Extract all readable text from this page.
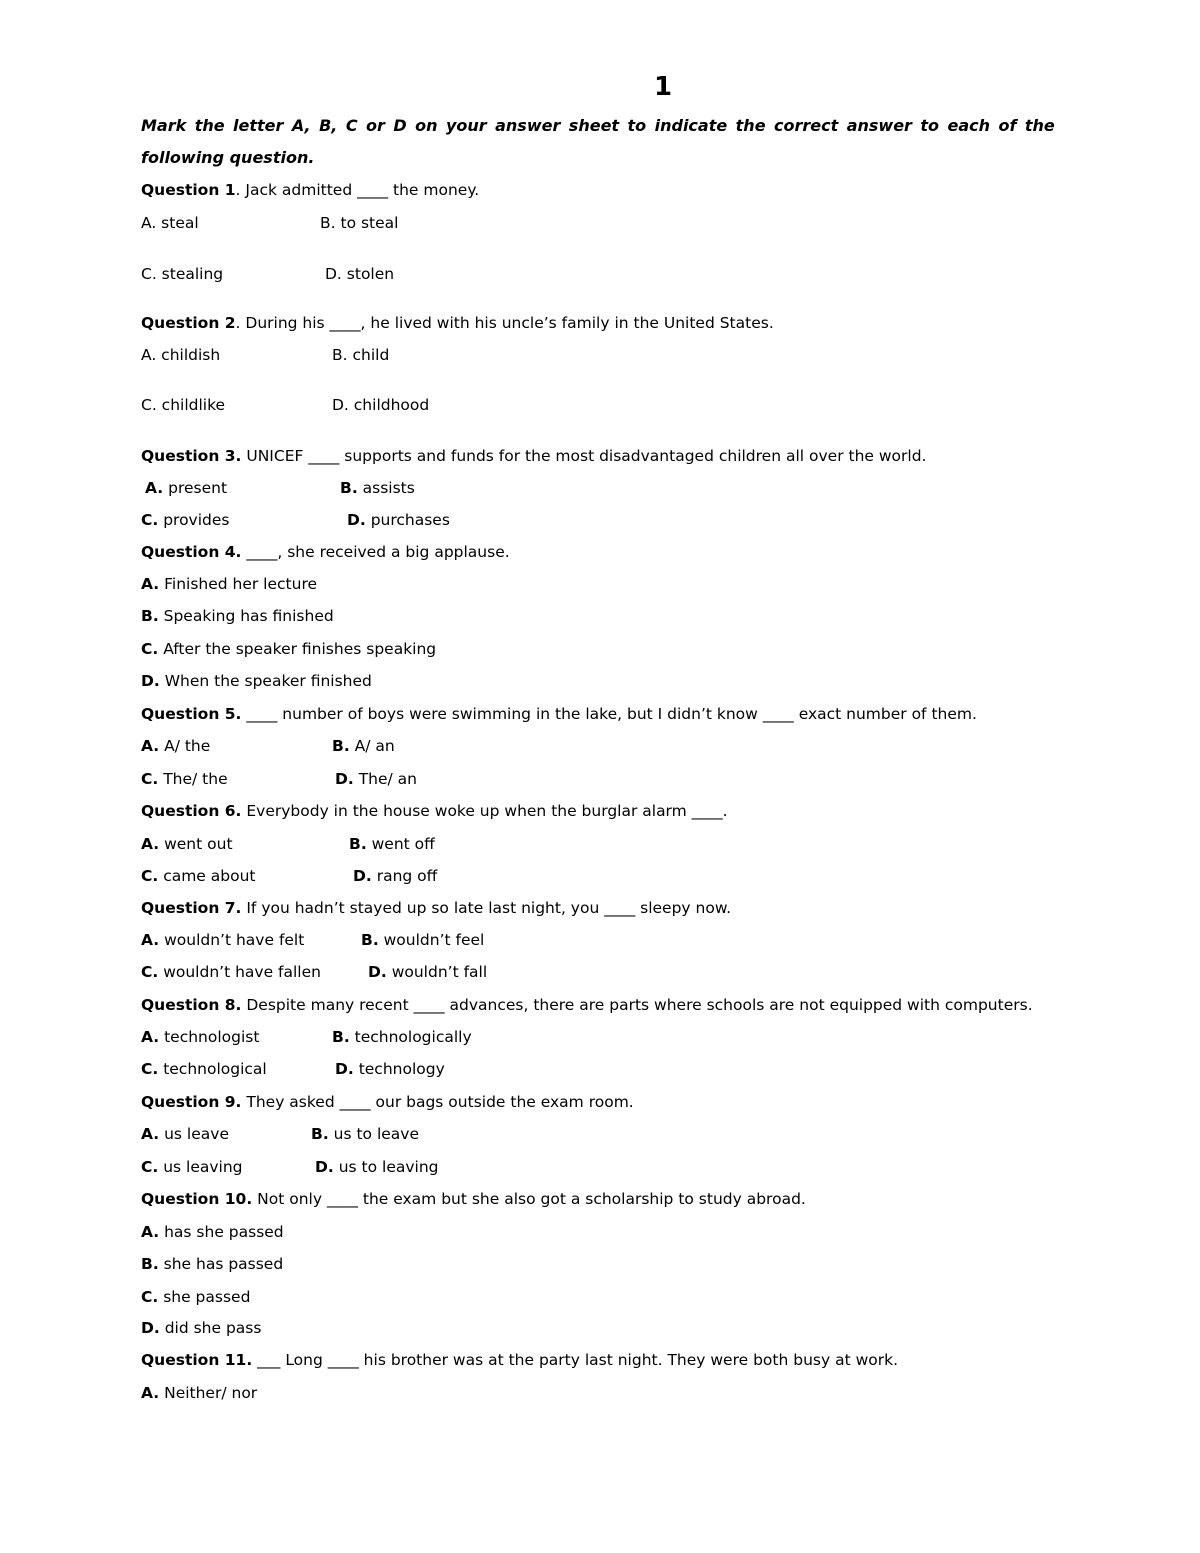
1
Mark the letter A, B, C or D on your answer sheet to indicate the correct answer to each of the
following question.
Question 1. Jack admitted ____ the money.
A. steal	B. to steal
C. stealing	D. stolen
Question 2. During his ____, he lived with his uncle’s family in the United States.
A. childish	B. child
C. childlike	D. childhood
Question 3. UNICEF ____ supports and funds for the most disadvantaged children all over the world.
A. present	B. assists
C. provides	D. purchases
Question 4. ____, she received a big applause.
A. Finished her lecture
B. Speaking has finished
C. After the speaker finishes speaking
D. When the speaker finished
Question 5. ____ number of boys were swimming in the lake, but I didn’t know ____ exact number of them.
A. A/ the	B. A/ an
C. The/ the	D. The/ an
Question 6. Everybody in the house woke up when the burglar alarm ____.
A. went out	B. went off
C. came about	D. rang off
Question 7. If you hadn’t stayed up so late last night, you ____ sleepy now.
A. wouldn’t have felt	B. wouldn’t feel
C. wouldn’t have fallen	D. wouldn’t fall
Question 8. Despite many recent ____ advances, there are parts where schools are not equipped with computers.
A. technologist	B. technologically
C. technological	D. technology
Question 9. They asked ____ our bags outside the exam room.
A. us leave	B. us to leave
C. us leaving	D. us to leaving
Question 10. Not only ____ the exam but she also got a scholarship to study abroad.
A. has she passed
B. she has passed
C. she passed
D. did she pass
Question 11. ___ Long ____ his brother was at the party last night. They were both busy at work.
A. Neither/ nor
